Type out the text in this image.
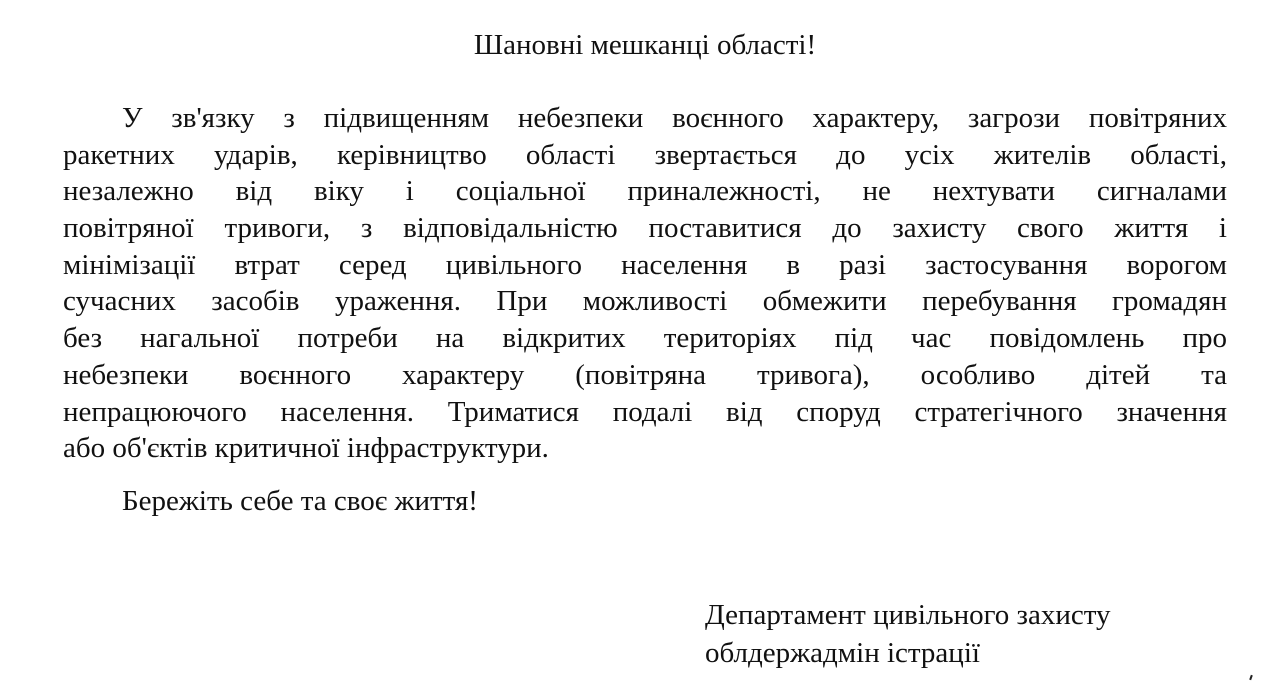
Шановні мешканці області!
У зв'язку з підвищенням небезпеки воєнного характеру, загрози повітряних
ракетних ударів, керівництво області звертається до усіх жителів області,
незалежно від віку і соціальної приналежності, не нехтувати сигналами
повітряної тривоги, з відповідальністю поставитися до захисту свого життя і
мінімізації втрат серед цивільного населення в разі застосування ворогом
сучасних засобів ураження. При можливості обмежити перебування громадян
без нагальної потреби на відкритих територіях під час повідомлень про
небезпеки воєнного характеру (повітряна тривога), особливо дітей та
непрацюючого населення. Триматися подалі від споруд стратегічного значення
або об'єктів критичної інфраструктури.

Бережіть себе та своє життя!

Департамент цивільного захисту
облдержадмін істрації
